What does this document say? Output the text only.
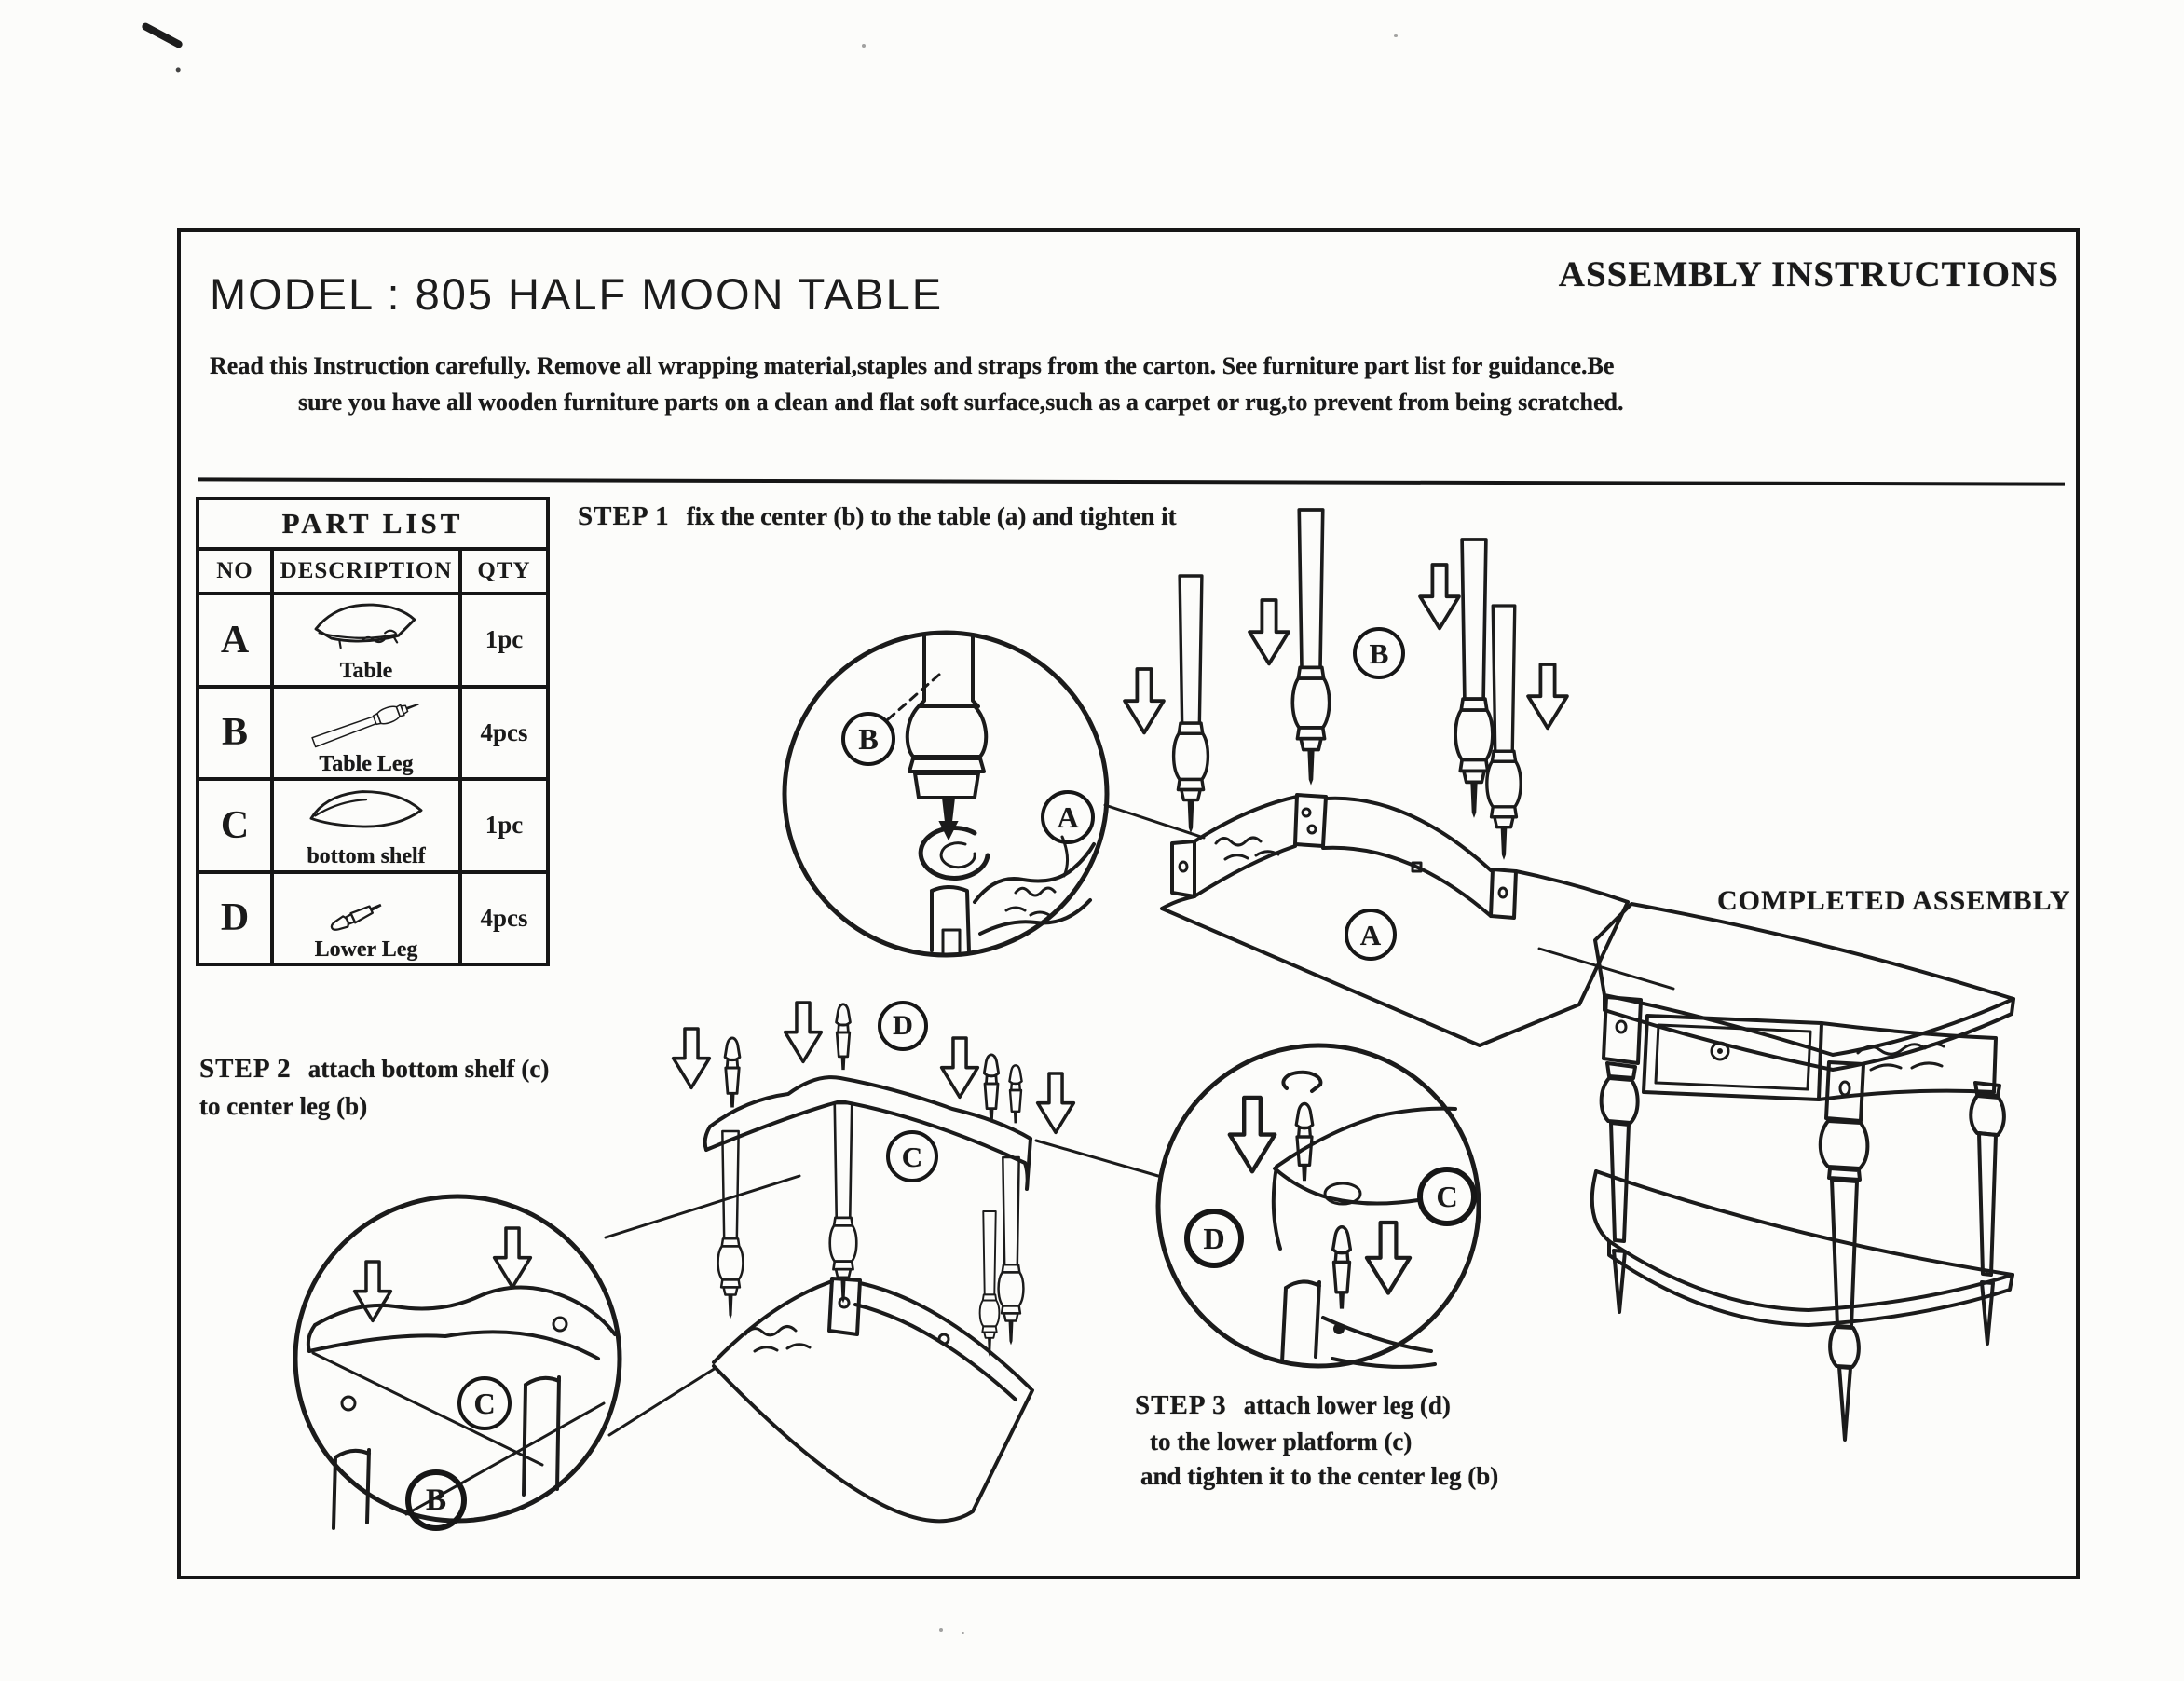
MODEL : 805 HALF MOON TABLE	ASSEMBLY INSTRUCTIONS
Read this Instruction carefully. Remove all wrapping material,staples and straps from the carton. See furniture part list for guidance.Be
sure you have all wooden furniture parts on a clean and flat soft surface,such as a carpet or rug,to prevent from being scratched.
PART LIST		
NO	DESCRIPTION	QTY
A	Table	1pc
B	Table Leg	4pcs
C	bottom shelf	1pc
D	Lower Leg	4pcs
STEP 1 fix the center (b) to the table (a) and tighten it
STEP 2 attach bottom shelf (c)
to center leg (b)
STEP 3 attach lower leg (d)
to the lower platform (c)
and tighten it to the center leg (b)
COMPLETED ASSEMBLY
B
A
B
A
D
C
C
B
D
C
